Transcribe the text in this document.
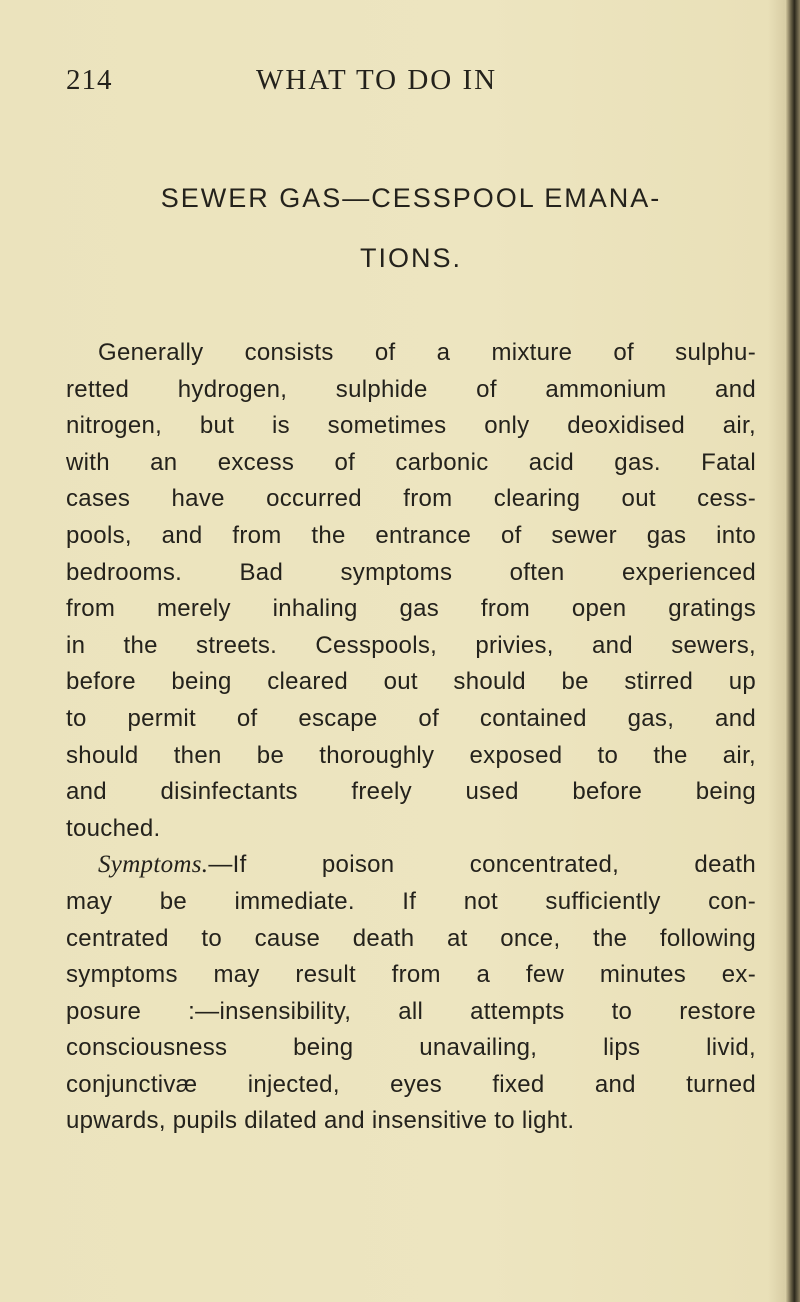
214	WHAT TO DO IN
SEWER GAS—CESSPOOL EMANA-
TIONS.
Generally consists of a mixture of sulphu-
retted hydrogen, sulphide of ammonium and
nitrogen, but is sometimes only deoxidised air,
with an excess of carbonic acid gas. Fatal
cases have occurred from clearing out cess-
pools, and from the entrance of sewer gas into
bedrooms. Bad symptoms often experienced
from merely inhaling gas from open gratings
in the streets. Cesspools, privies, and sewers,
before being cleared out should be stirred up
to permit of escape of contained gas, and
should then be thoroughly exposed to the air,
and disinfectants freely used before being
touched.
Symptoms.—If poison concentrated, death
may be immediate. If not sufficiently con-
centrated to cause death at once, the following
symptoms may result from a few minutes ex-
posure :—insensibility, all attempts to restore
consciousness being unavailing, lips livid,
conjunctivæ injected, eyes fixed and turned
upwards, pupils dilated and insensitive to light.
